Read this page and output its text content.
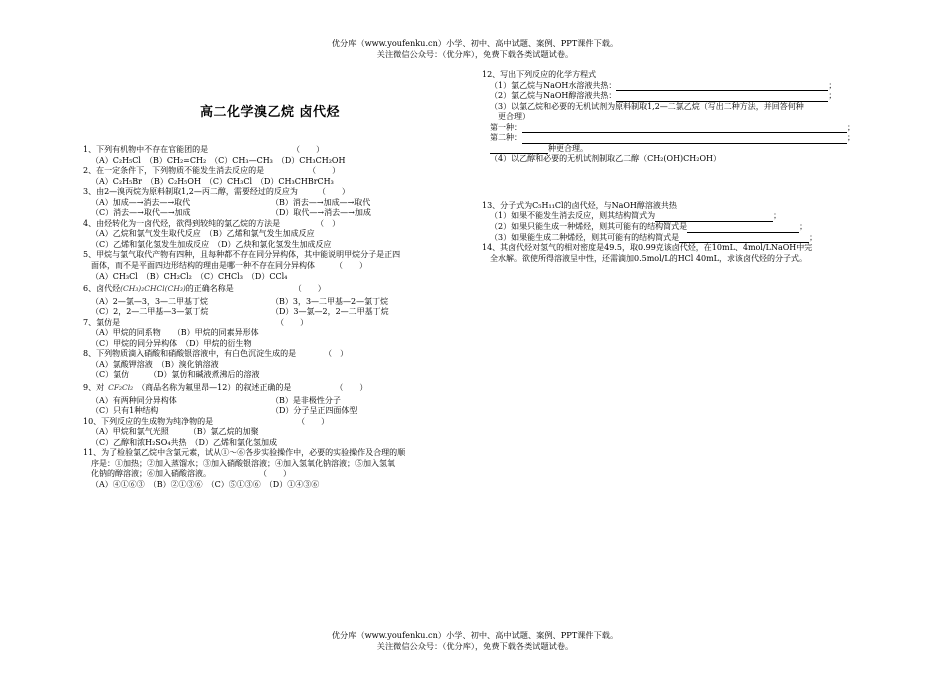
优分库（www.youfenku.cn）小学、初中、高中试题、案例、PPT课件下载。
关注微信公众号：（优分库），免费下载各类试题试卷。
高二化学溴乙烷 卤代烃

1、下列有机物中不存在官能团的是　　　　　　　　　　　（　　）

（A）C₂H₅Cl　（B）CH₂=CH₂　（C）CH₃—CH₃　（D）CH₃CH₂OH

2、在一定条件下，下列物质不能发生消去反应的是　　　　　　（　　）

（A）C₂H₅Br　（B）C₂H₅OH　（C）CH₃Cl　（D）CH₃CHBrCH₃

3、由2—溴丙烷为原料制取1,2—丙二醇，需要经过的反应为　　　（　　）

（A）加成—→消去—→取代	（B）消去—→加成—→取代
（C）消去—→取代—→加成	（D）取代—→消去—→加成

4、由烃转化为一卤代烃，欲得到较纯的氯乙烷的方法是　　　　　（　）

（A）乙烷和氯气发生取代反应　（B）乙烯和氯气发生加成反应

（C）乙烯和氯化氢发生加成反应　（D）乙炔和氯化氢发生加成反应

5、甲烷与氯气取代产物有四种，且每种都不存在同分异构体，其中能说明甲烷分子是正四

面体，而不是平面四边形结构的理由是哪一种不存在同分异构体　　　（　　）

（A）CH₃Cl　（B）CH₂Cl₂　（C）CHCl₃　（D）CCl₄

6、卤代烃(CH₃)₂CHCl(CH₃)的正确名称是　　　　　　　　（　　）

（A）2—氯—3，3—二甲基丁烷	（B）3，3—二甲基—2—氯丁烷
（C）2，2—二甲基—3—氯丁烷	（D）3—氯—2，2—二甲基丁烷

7、氯仿是　　　　　　　　　　　　　　　　　　　　（　　）

（A）甲烷的同系物　　（B）甲烷的同素异形体

（C）甲烷的同分异构体　（D）甲烷的衍生物

8、下列物质滴入硝酸和硝酸银溶液中，有白色沉淀生成的是　　　　（　）

（A）氯酸钾溶液　（B）溴化钠溶液

（C）氯仿　　　（D）氯仿和碱液煮沸后的溶液

9、对 CF₂Cl₂ （商品名称为氟里昂—12）的叙述正确的是　　　　　　（　　）

（A）有两种同分异构体	（B）是非极性分子
（C）只有1种结构	（D）分子呈正四面体型

10、下列反应的生成物为纯净物的是　　　　　　　　　　　（　　）

（A）甲烷和氯气光照　　　（B）氯乙烷的加聚

（C）乙醇和浓H₂SO₄共热　（D）乙烯和氯化氢加成

11、为了检验氯乙烷中含氯元素，试从①～⑥各步实验操作中，必要的实验操作及合理的顺

序是：①加热；②加入蒸馏水；③加入硝酸银溶液；④加入氢氧化钠溶液；⑤加入氢氧

化钠的醇溶液；⑥加入硝酸溶液。　　　　　　　（　　）

（A）④①⑥③　（B）②①③⑥　（C）⑤①③⑥　（D）①④③⑥

12、写出下列反应的化学方程式

（1）氯乙烷与NaOH水溶液共热：	；

（2）氯乙烷与NaOH醇溶液共热：	；

（3）以氯乙烷和必要的无机试剂为原料制取1,2—二氯乙烷（写出二种方法，并回答何种

更合理）

第一种：	；

第二种：	；

种更合理。

（4）以乙醇和必要的无机试剂制取乙二醇（CH₂(OH)CH₂OH）

13、分子式为C₅H₁₁Cl的卤代烃，与NaOH醇溶液共热

（1）如果不能发生消去反应，则其结构简式为	；

（2）如果只能生成一种烯烃，则其可能有的结构简式是	；

（3）如果能生成二种烯烃，则其可能有的结构简式是	；

14、其卤代烃对氢气的相对密度是49.5，取0.99克该卤代烃，在10mL、4mol/LNaOH中完

全水解。欲使所得溶液呈中性，还需滴加0.5mol/L的HCl 40mL，求该卤代烃的分子式。

优分库（www.youfenku.cn）小学、初中、高中试题、案例、PPT课件下载。
关注微信公众号：（优分库），免费下载各类试题试卷。
